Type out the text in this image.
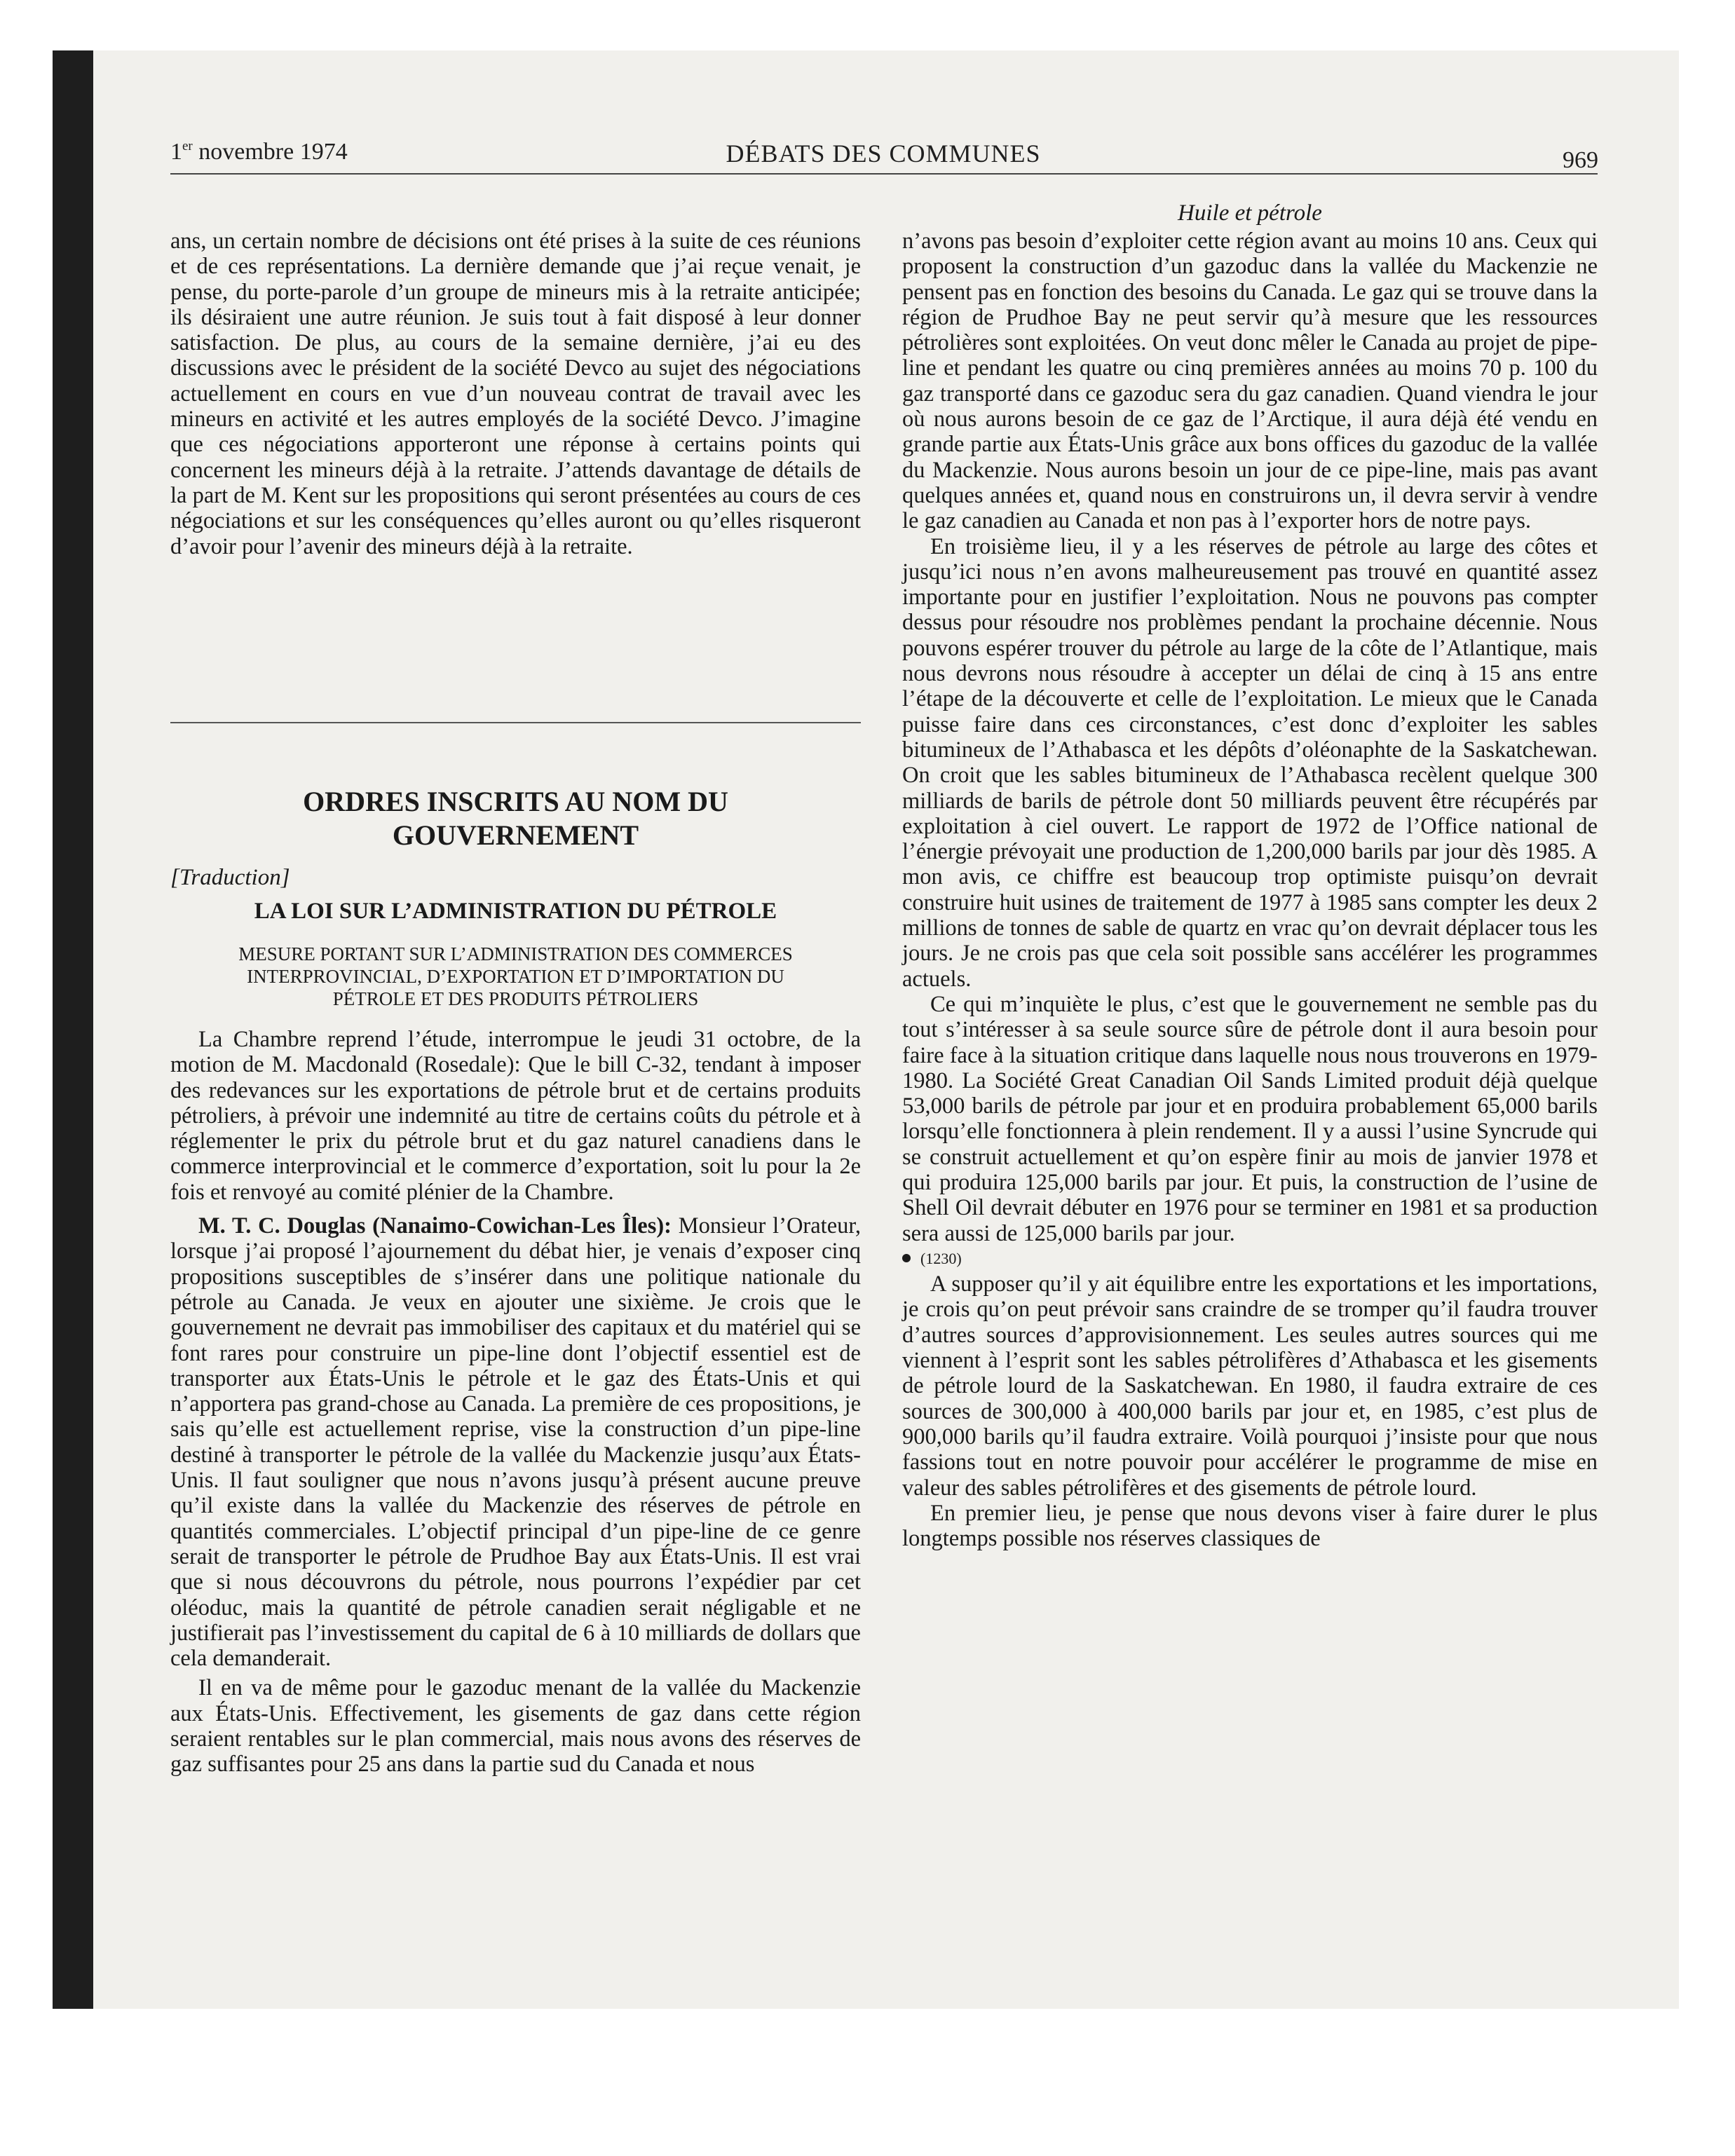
1er novembre 1974	DÉBATS DES COMMUNES	969

ans, un certain nombre de décisions ont été prises à la suite de ces réunions et de ces représentations. La dernière demande que j’ai reçue venait, je pense, du porte-parole d’un groupe de mineurs mis à la retraite anticipée; ils désiraient une autre réunion. Je suis tout à fait disposé à leur donner satisfaction. De plus, au cours de la semaine dernière, j’ai eu des discussions avec le président de la société Devco au sujet des négociations actuellement en cours en vue d’un nouveau contrat de travail avec les mineurs en activité et les autres employés de la société Devco. J’imagine que ces négociations apporteront une réponse à certains points qui concernent les mineurs déjà à la retraite. J’attends davantage de détails de la part de M. Kent sur les propositions qui seront présentées au cours de ces négociations et sur les conséquences qu’elles auront ou qu’elles risqueront d’avoir pour l’avenir des mineurs déjà à la retraite.

ORDRES INSCRITS AU NOM DU
GOUVERNEMENT
[Traduction]
LA LOI SUR L’ADMINISTRATION DU PÉTROLE
MESURE PORTANT SUR L’ADMINISTRATION DES COMMERCES
INTERPROVINCIAL, D’EXPORTATION ET D’IMPORTATION DU
PÉTROLE ET DES PRODUITS PÉTROLIERS

La Chambre reprend l’étude, interrompue le jeudi 31 octobre, de la motion de M. Macdonald (Rosedale): Que le bill C-32, tendant à imposer des redevances sur les exportations de pétrole brut et de certains produits pétroliers, à prévoir une indemnité au titre de certains coûts du pétrole et à réglementer le prix du pétrole brut et du gaz naturel canadiens dans le commerce interprovincial et le commerce d’exportation, soit lu pour la 2e fois et renvoyé au comité plénier de la Chambre.

M. T. C. Douglas (Nanaimo-Cowichan-Les Îles): Monsieur l’Orateur, lorsque j’ai proposé l’ajournement du débat hier, je venais d’exposer cinq propositions susceptibles de s’insérer dans une politique nationale du pétrole au Canada. Je veux en ajouter une sixième. Je crois que le gouvernement ne devrait pas immobiliser des capitaux et du matériel qui se font rares pour construire un pipe-line dont l’objectif essentiel est de transporter aux États-Unis le pétrole et le gaz des États-Unis et qui n’apportera pas grand-chose au Canada. La première de ces propositions, je sais qu’elle est actuellement reprise, vise la construction d’un pipe-line destiné à transporter le pétrole de la vallée du Mackenzie jusqu’aux États-Unis. Il faut souligner que nous n’avons jusqu’à présent aucune preuve qu’il existe dans la vallée du Mackenzie des réserves de pétrole en quantités commerciales. L’objectif principal d’un pipe-line de ce genre serait de transporter le pétrole de Prudhoe Bay aux États-Unis. Il est vrai que si nous découvrons du pétrole, nous pourrons l’expédier par cet oléoduc, mais la quantité de pétrole canadien serait négligable et ne justifierait pas l’investissement du capital de 6 à 10 milliards de dollars que cela demanderait.

Il en va de même pour le gazoduc menant de la vallée du Mackenzie aux États-Unis. Effectivement, les gisements de gaz dans cette région seraient rentables sur le plan commercial, mais nous avons des réserves de gaz suffisantes pour 25 ans dans la partie sud du Canada et nous

Huile et pétrole

n’avons pas besoin d’exploiter cette région avant au moins 10 ans. Ceux qui proposent la construction d’un gazoduc dans la vallée du Mackenzie ne pensent pas en fonction des besoins du Canada. Le gaz qui se trouve dans la région de Prudhoe Bay ne peut servir qu’à mesure que les ressources pétrolières sont exploitées. On veut donc mêler le Canada au projet de pipe-line et pendant les quatre ou cinq premières années au moins 70 p. 100 du gaz transporté dans ce gazoduc sera du gaz canadien. Quand viendra le jour où nous aurons besoin de ce gaz de l’Arctique, il aura déjà été vendu en grande partie aux États-Unis grâce aux bons offices du gazoduc de la vallée du Mackenzie. Nous aurons besoin un jour de ce pipe-line, mais pas avant quelques années et, quand nous en construirons un, il devra servir à vendre le gaz canadien au Canada et non pas à l’exporter hors de notre pays.

En troisième lieu, il y a les réserves de pétrole au large des côtes et jusqu’ici nous n’en avons malheureusement pas trouvé en quantité assez importante pour en justifier l’exploitation. Nous ne pouvons pas compter dessus pour résoudre nos problèmes pendant la prochaine décennie. Nous pouvons espérer trouver du pétrole au large de la côte de l’Atlantique, mais nous devrons nous résoudre à accepter un délai de cinq à 15 ans entre l’étape de la découverte et celle de l’exploitation. Le mieux que le Canada puisse faire dans ces circonstances, c’est donc d’exploiter les sables bitumineux de l’Athabasca et les dépôts d’oléonaphte de la Saskatchewan. On croit que les sables bitumineux de l’Athabasca recèlent quelque 300 milliards de barils de pétrole dont 50 milliards peuvent être récupérés par exploitation à ciel ouvert. Le rapport de 1972 de l’Office national de l’énergie prévoyait une production de 1,200,000 barils par jour dès 1985. A mon avis, ce chiffre est beaucoup trop optimiste puisqu’on devrait construire huit usines de traitement de 1977 à 1985 sans compter les deux 2 millions de tonnes de sable de quartz en vrac qu’on devrait déplacer tous les jours. Je ne crois pas que cela soit possible sans accélérer les programmes actuels.

Ce qui m’inquiète le plus, c’est que le gouvernement ne semble pas du tout s’intéresser à sa seule source sûre de pétrole dont il aura besoin pour faire face à la situation critique dans laquelle nous nous trouverons en 1979-1980. La Société Great Canadian Oil Sands Limited produit déjà quelque 53,000 barils de pétrole par jour et en produira probablement 65,000 barils lorsqu’elle fonctionnera à plein rendement. Il y a aussi l’usine Syncrude qui se construit actuellement et qu’on espère finir au mois de janvier 1978 et qui produira 125,000 barils par jour. Et puis, la construction de l’usine de Shell Oil devrait débuter en 1976 pour se terminer en 1981 et sa production sera aussi de 125,000 barils par jour.

(1230)

A supposer qu’il y ait équilibre entre les exportations et les importations, je crois qu’on peut prévoir sans craindre de se tromper qu’il faudra trouver d’autres sources d’approvisionnement. Les seules autres sources qui me viennent à l’esprit sont les sables pétrolifères d’Athabasca et les gisements de pétrole lourd de la Saskatchewan. En 1980, il faudra extraire de ces sources de 300,000 à 400,000 barils par jour et, en 1985, c’est plus de 900,000 barils qu’il faudra extraire. Voilà pourquoi j’insiste pour que nous fassions tout en notre pouvoir pour accélérer le programme de mise en valeur des sables pétrolifères et des gisements de pétrole lourd.

En premier lieu, je pense que nous devons viser à faire durer le plus longtemps possible nos réserves classiques de
